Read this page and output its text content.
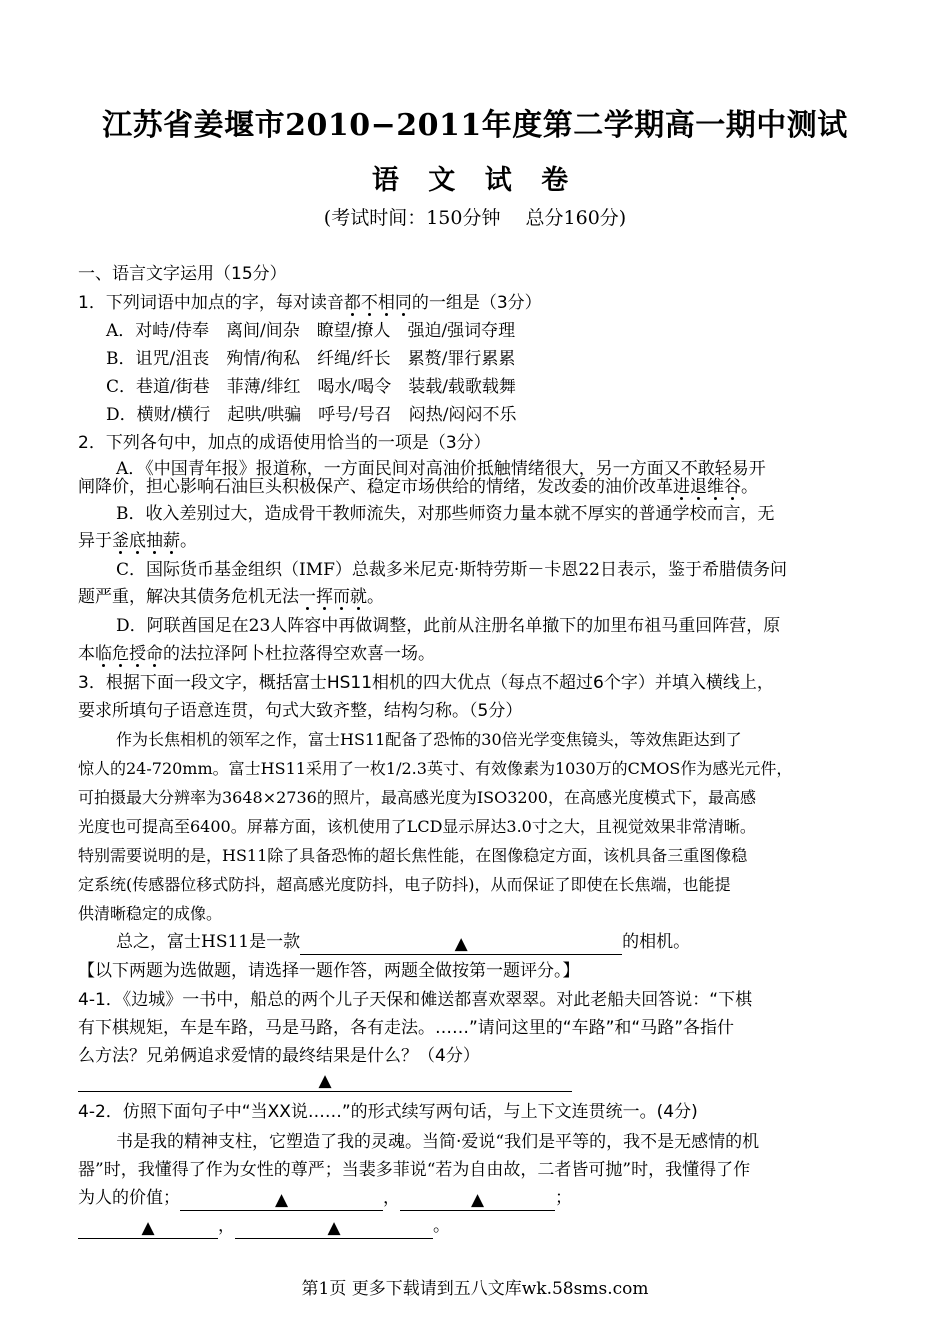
江苏省姜堰市2010−2011年度第二学期高一期中测试
语 文 试 卷
(考试时间：150分钟　 总分160分)
一、语言文字运用（15分）
1．下列词语中加点的字，每对读音都不相同的一组是（3分）
A．对峙/侍奉　离间/间杂　瞭望/撩人　强迫/强词夺理
B．诅咒/沮丧　殉情/徇私　纤绳/纤长　累赘/罪行累累
C．巷道/街巷　菲薄/绯红　喝水/喝令　装载/载歌载舞
D．横财/横行　起哄/哄骗　呼号/号召　闷热/闷闷不乐
2．下列各句中，加点的成语使用恰当的一项是（3分）
A．《中国青年报》报道称，一方面民间对高油价抵触情绪很大，另一方面又不敢轻易开
闸降价，担心影响石油巨头积极保产、稳定市场供给的情绪，发改委的油价改革进退维谷。
B．收入差别过大，造成骨干教师流失，对那些师资力量本就不厚实的普通学校而言，无
异于釜底抽薪。
C．国际货币基金组织（IMF）总裁多米尼克·斯特劳斯－卡恩22日表示，鉴于希腊债务问
题严重，解决其债务危机无法一挥而就。
D．阿联酋国足在23人阵容中再做调整，此前从注册名单撤下的加里布祖马重回阵营，原
本临危授命的法拉泽阿卜杜拉落得空欢喜一场。
3．根据下面一段文字，概括富士HS11相机的四大优点（每点不超过6个字）并填入横线上，
要求所填句子语意连贯，句式大致齐整，结构匀称。（5分）
作为长焦相机的领军之作，富士HS11配备了恐怖的30倍光学变焦镜头，等效焦距达到了
惊人的24-720mm。富士HS11采用了一枚1/2.3英寸、有效像素为1030万的CMOS作为感光元件，
可拍摄最大分辨率为3648×2736的照片，最高感光度为ISO3200，在高感光度模式下，最高感
光度也可提高至6400。屏幕方面，该机使用了LCD显示屏达3.0寸之大，且视觉效果非常清晰。
特别需要说明的是，HS11除了具备恐怖的超长焦性能，在图像稳定方面，该机具备三重图像稳
定系统(传感器位移式防抖，超高感光度防抖，电子防抖)，从而保证了即使在长焦端，也能提
供清晰稳定的成像。
总之，富士HS11是一款	▲	的相机。
【以下两题为选做题，请选择一题作答，两题全做按第一题评分。】
4-1．《边城》一书中，船总的两个儿子天保和傩送都喜欢翠翠。对此老船夫回答说：“下棋
有下棋规矩，车是车路，马是马路，各有走法。……”请问这里的“车路”和“马路”各指什
么方法？兄弟俩追求爱情的最终结果是什么？（4分）
▲
4-2．仿照下面句子中“当XX说……”的形式续写两句话，与上下文连贯统一。(4分)
书是我的精神支柱，它塑造了我的灵魂。当简·爱说“我们是平等的，我不是无感情的机
器”时，我懂得了作为女性的尊严；当裴多菲说“若为自由故，二者皆可抛”时，我懂得了作
为人的价值；	▲	，	▲	；
▲	，	▲	。
第1页 更多下载请到五八文库wk.58sms.com
